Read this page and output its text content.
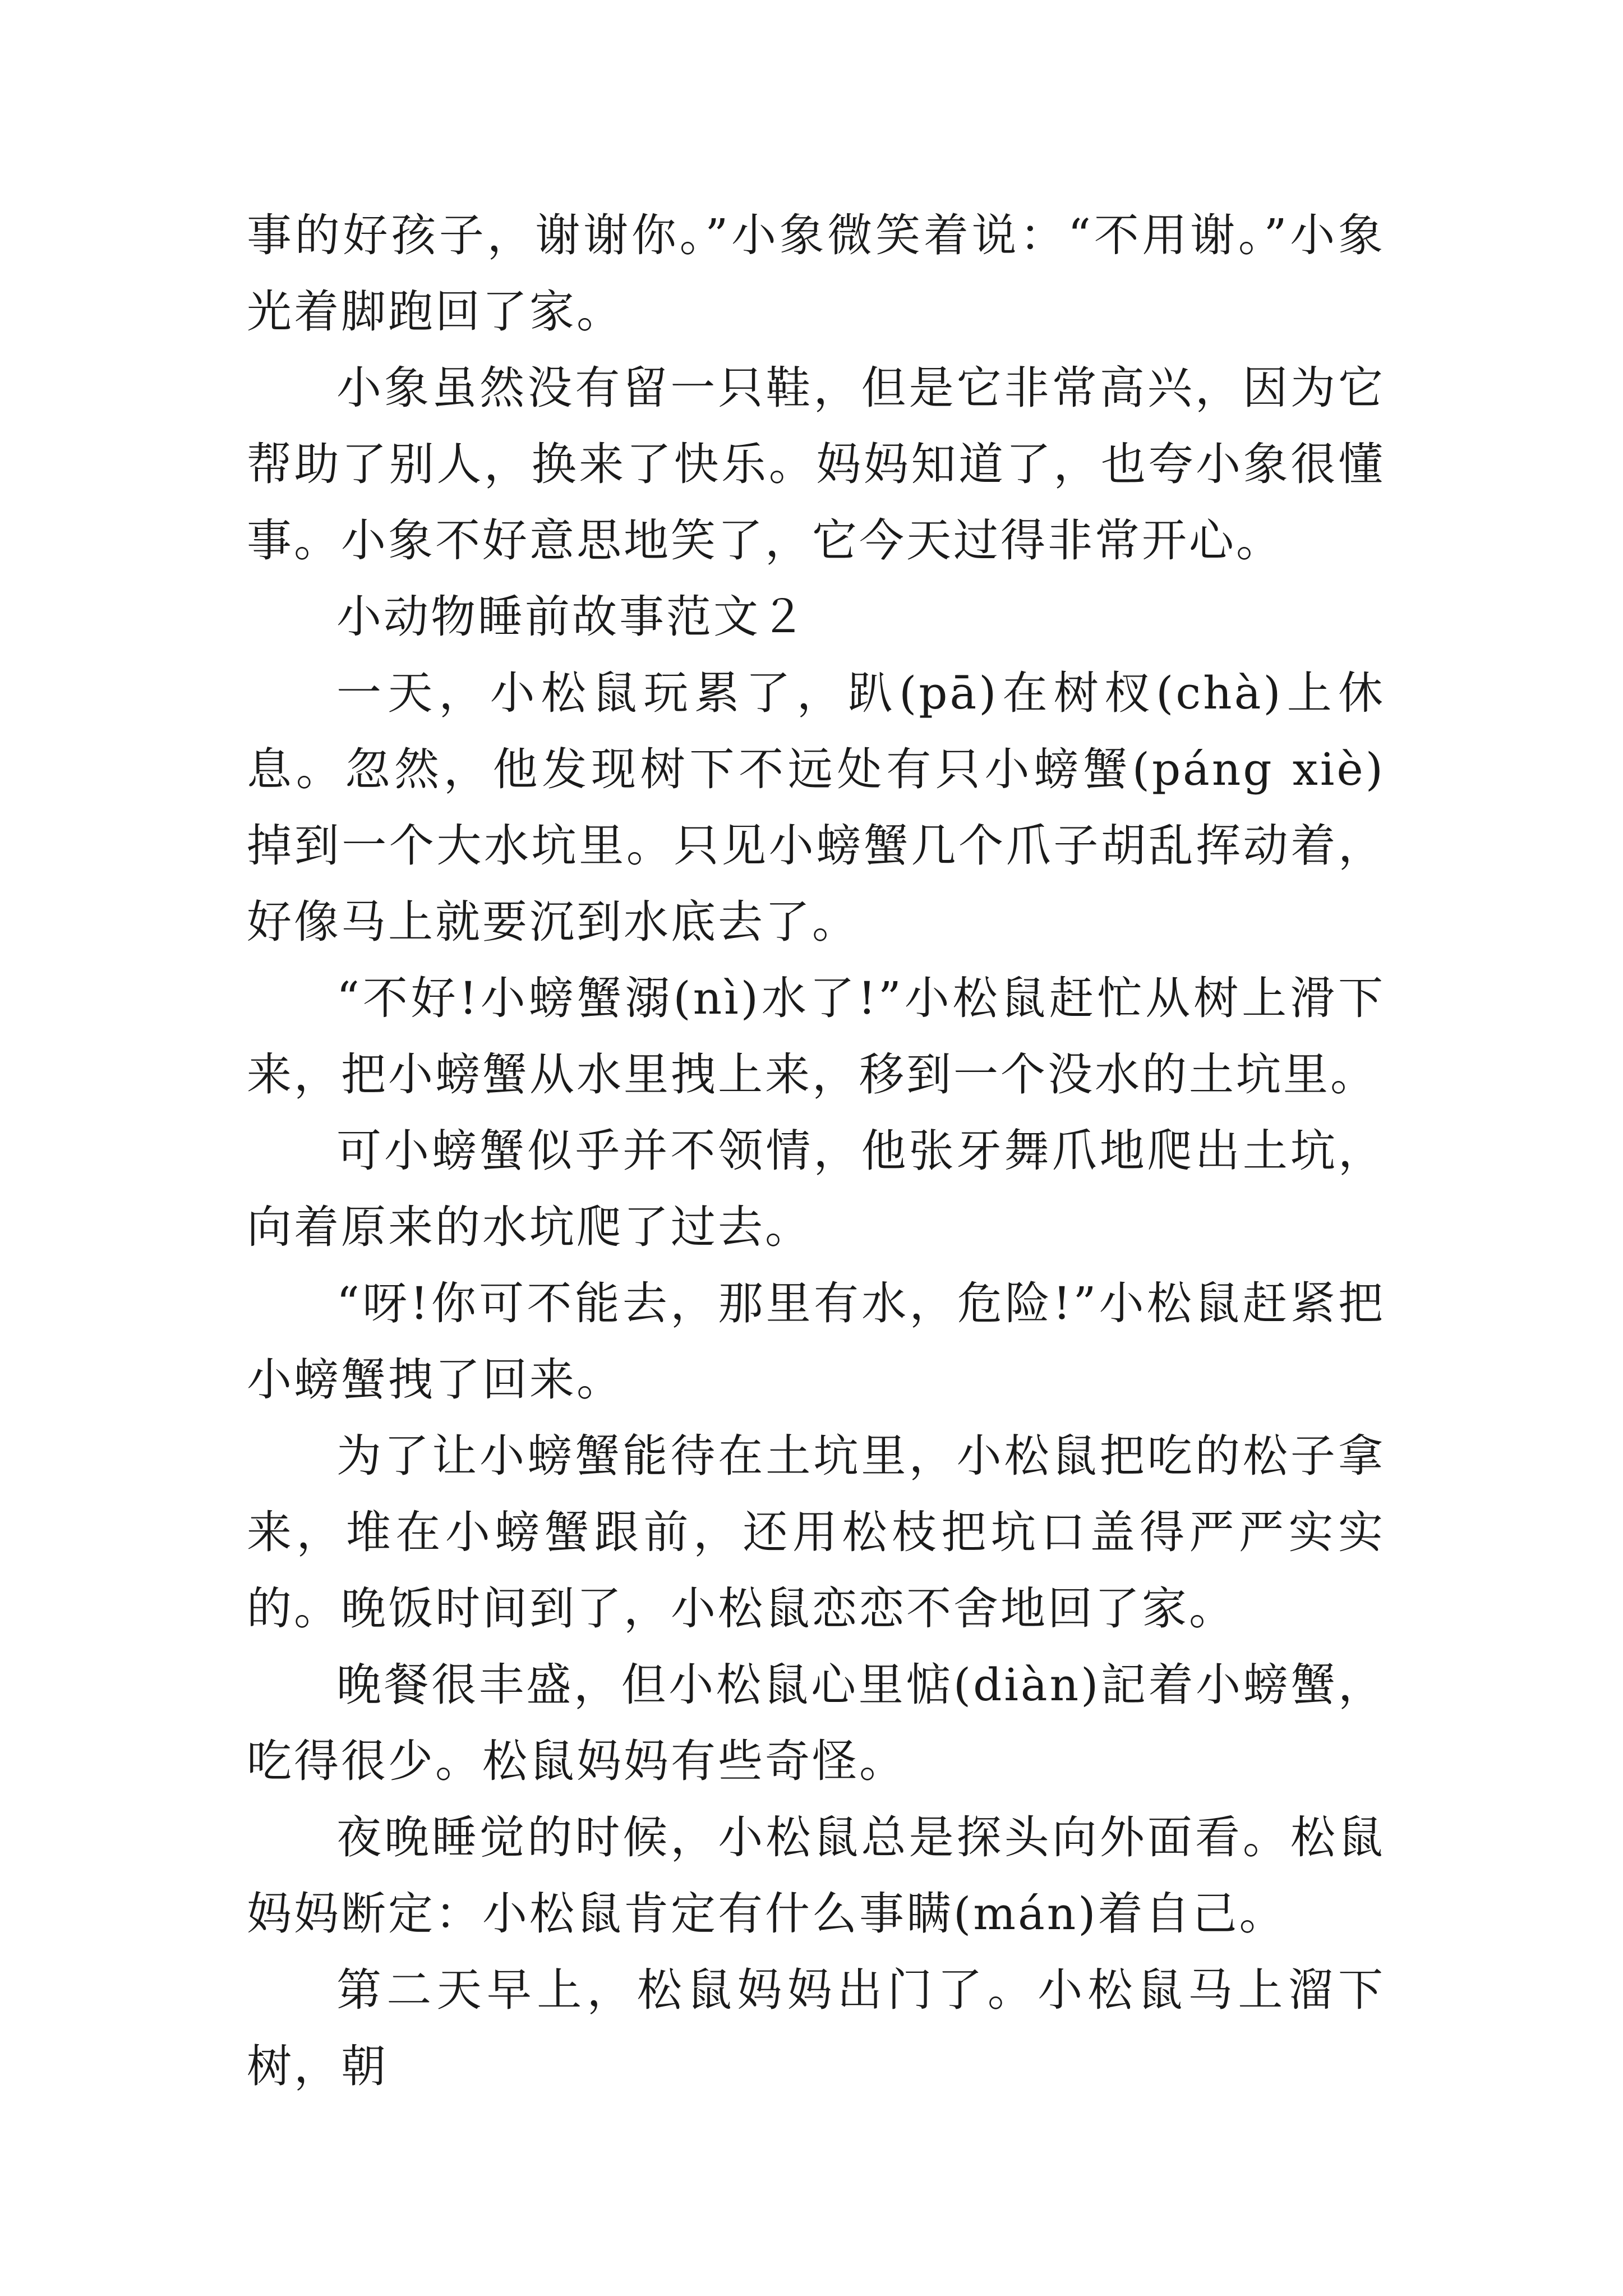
事的好孩子，谢谢你。”小象微笑着说：“不用谢。”小象光着脚跑回了家。

小象虽然没有留一只鞋，但是它非常高兴，因为它帮助了别人，换来了快乐。妈妈知道了，也夸小象很懂事。小象不好意思地笑了，它今天过得非常开心。

小动物睡前故事范文２

一天，小松鼠玩累了，趴(pā)在树杈(chà)上休息。忽然，他发现树下不远处有只小螃蟹(páng xiè)掉到一个大水坑里。只见小螃蟹几个爪子胡乱挥动着，好像马上就要沉到水底去了。

“不好!小螃蟹溺(nì)水了!”小松鼠赶忙从树上滑下来，把小螃蟹从水里拽上来，移到一个没水的土坑里。

可小螃蟹似乎并不领情，他张牙舞爪地爬出土坑，向着原来的水坑爬了过去。

“呀!你可不能去，那里有水，危险!”小松鼠赶紧把小螃蟹拽了回来。

为了让小螃蟹能待在土坑里，小松鼠把吃的松子拿来，堆在小螃蟹跟前，还用松枝把坑口盖得严严实实的。晚饭时间到了，小松鼠恋恋不舍地回了家。

晚餐很丰盛，但小松鼠心里惦(diàn)記着小螃蟹，吃得很少。松鼠妈妈有些奇怪。

夜晚睡觉的时候，小松鼠总是探头向外面看。松鼠妈妈断定：小松鼠肯定有什么事瞒(mán)着自己。

第二天早上，松鼠妈妈出门了。小松鼠马上溜下树，朝
